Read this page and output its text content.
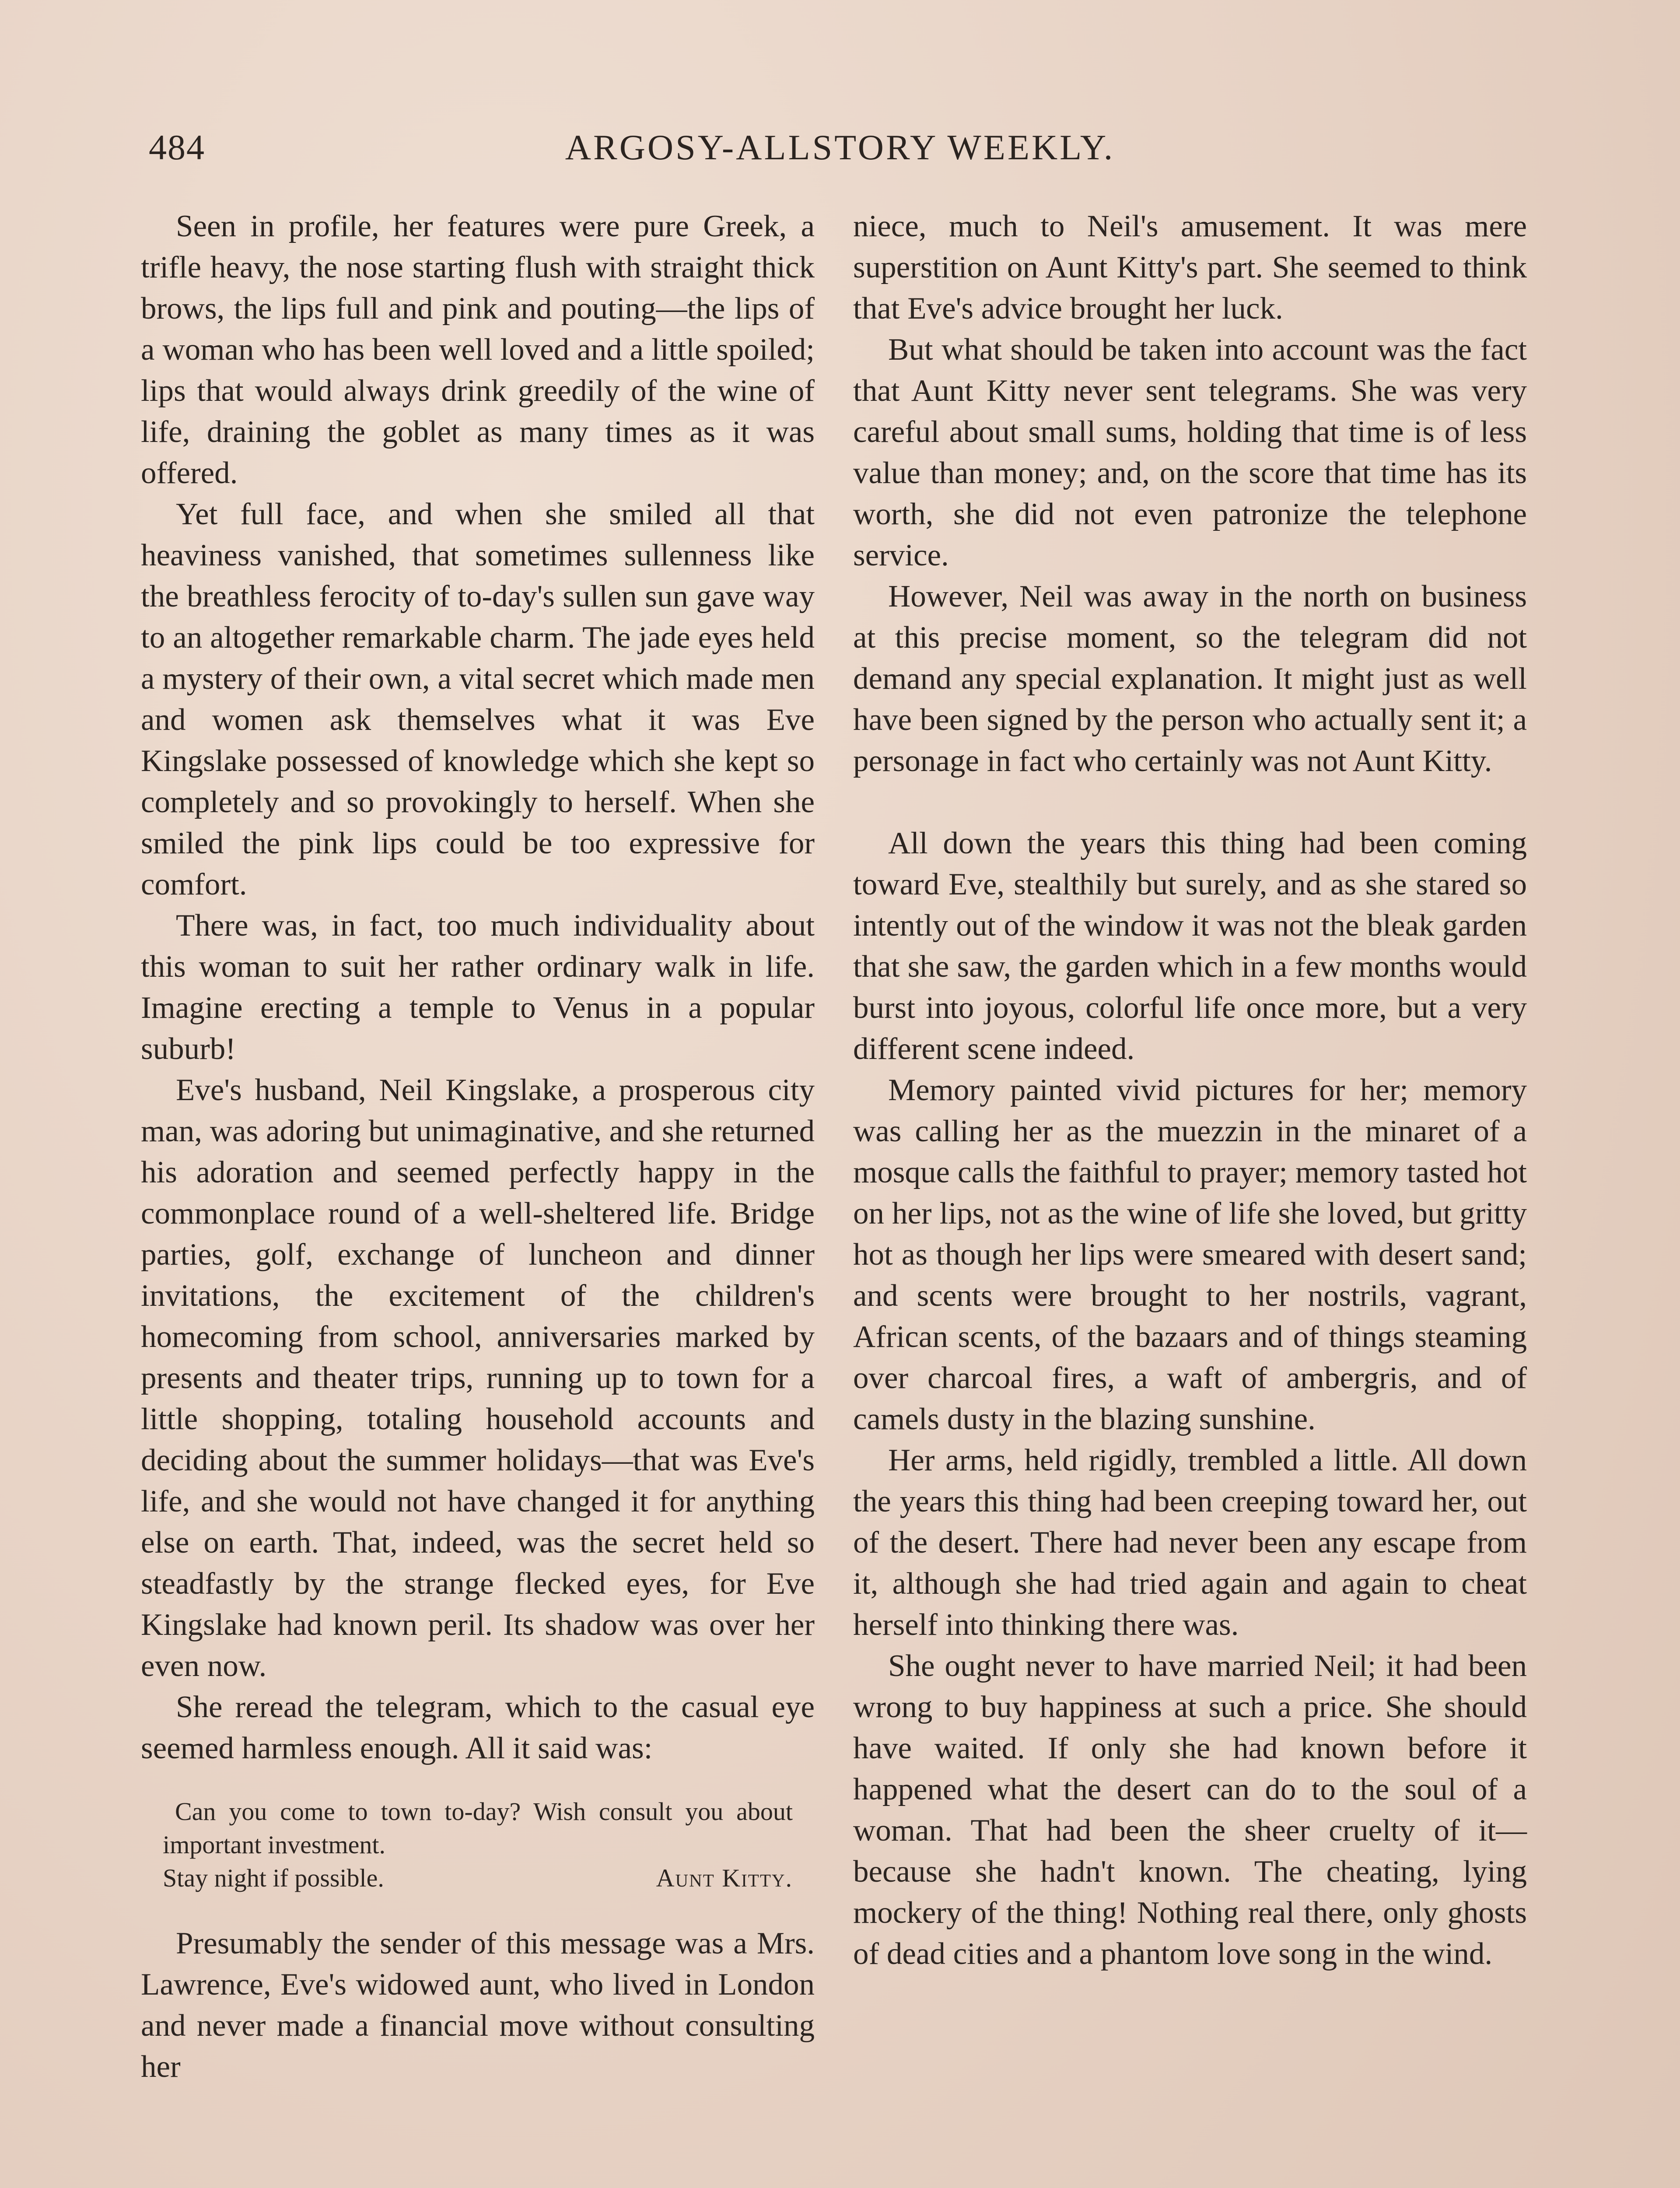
484	ARGOSY-ALLSTORY WEEKLY.

Seen in profile, her features were pure Greek, a trifle heavy, the nose starting flush with straight thick brows, the lips full and pink and pouting—the lips of a woman who has been well loved and a little spoiled; lips that would always drink greedily of the wine of life, draining the goblet as many times as it was offered.

Yet full face, and when she smiled all that heaviness vanished, that sometimes sullenness like the breathless ferocity of to-day's sullen sun gave way to an altogether remarkable charm. The jade eyes held a mystery of their own, a vital secret which made men and women ask themselves what it was Eve Kingslake possessed of knowledge which she kept so completely and so provokingly to herself. When she smiled the pink lips could be too expressive for comfort.

There was, in fact, too much individuality about this woman to suit her rather ordinary walk in life. Imagine erecting a temple to Venus in a popular suburb!

Eve's husband, Neil Kingslake, a prosperous city man, was adoring but unimaginative, and she returned his adoration and seemed perfectly happy in the commonplace round of a well-sheltered life. Bridge parties, golf, exchange of luncheon and dinner invitations, the excitement of the children's homecoming from school, anniversaries marked by presents and theater trips, running up to town for a little shopping, totaling household accounts and deciding about the summer holidays—that was Eve's life, and she would not have changed it for anything else on earth. That, indeed, was the secret held so steadfastly by the strange flecked eyes, for Eve Kingslake had known peril. Its shadow was over her even now.

She reread the telegram, which to the casual eye seemed harmless enough. All it said was:

Can you come to town to-day? Wish consult you about important investment.

Stay night if possible.	Aunt Kitty.

Presumably the sender of this message was a Mrs. Lawrence, Eve's widowed aunt, who lived in London and never made a financial move without consulting her

niece, much to Neil's amusement. It was mere superstition on Aunt Kitty's part. She seemed to think that Eve's advice brought her luck.

But what should be taken into account was the fact that Aunt Kitty never sent telegrams. She was very careful about small sums, holding that time is of less value than money; and, on the score that time has its worth, she did not even patronize the telephone service.

However, Neil was away in the north on business at this precise moment, so the telegram did not demand any special explanation. It might just as well have been signed by the person who actually sent it; a personage in fact who certainly was not Aunt Kitty.

All down the years this thing had been coming toward Eve, stealthily but surely, and as she stared so intently out of the window it was not the bleak garden that she saw, the garden which in a few months would burst into joyous, colorful life once more, but a very different scene indeed.

Memory painted vivid pictures for her; memory was calling her as the muezzin in the minaret of a mosque calls the faithful to prayer; memory tasted hot on her lips, not as the wine of life she loved, but gritty hot as though her lips were smeared with desert sand; and scents were brought to her nostrils, vagrant, African scents, of the bazaars and of things steaming over charcoal fires, a waft of ambergris, and of camels dusty in the blazing sunshine.

Her arms, held rigidly, trembled a little. All down the years this thing had been creeping toward her, out of the desert. There had never been any escape from it, although she had tried again and again to cheat herself into thinking there was.

She ought never to have married Neil; it had been wrong to buy happiness at such a price. She should have waited. If only she had known before it happened what the desert can do to the soul of a woman. That had been the sheer cruelty of it—because she hadn't known. The cheating, lying mockery of the thing! Nothing real there, only ghosts of dead cities and a phantom love song in the wind.
